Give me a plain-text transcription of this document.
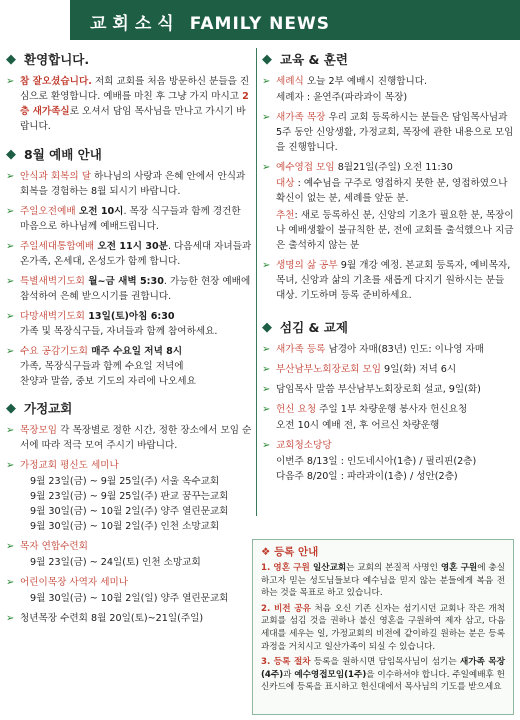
교회소식 FAMILY NEWS
◆ 환영합니다.
➢ 참 잘오셨습니다. 저희 교회를 처음 방문하신 분들을 진심으로 환영합니다. 예배를 마친 후 그냥 가지 마시고 2층 새가족실로 오셔서 담임 목사님을 만나고 가시기 바랍니다.
◆ 8월 예배 안내
➢ 안식과 회복의 달 하나님의 사랑과 은혜 안에서 안식과 회복을 경험하는 8월 되시기 바랍니다.
➢ 주일오전예배 오전 10시. 목장 식구들과 함께 경건한 마음으로 하나님께 예배드립니다.
➢ 주일세대통합예배 오전 11시 30분. 다음세대 자녀들과 온가족, 온세대, 온성도가 함께 합니다.
➢ 특별새벽기도회 월~금 새벽 5:30. 가능한 현장 예배에 참석하여 은혜 받으시기를 권합니다.
➢ 다망새벽기도회 13일(토)아침 6:30
가족 및 목장식구들, 자녀들과 함께 참여하세요.
➢ 수요 공감기도회 매주 수요일 저녁 8시
가족, 목장식구들과 함께 수요일 저녁에
찬양과 말씀, 중보 기도의 자리에 나오세요
◆ 가정교회
➢ 목장모임 각 목장별로 정한 시간, 정한 장소에서 모임 순서에 따라 적극 모여 주시기 바랍니다.
➢ 가정교회 평신도 세미나
9월 23일(금) ~ 9월 25일(주) 서울 옥수교회
9월 23일(금) ~ 9월 25일(주) 판교 꿈꾸는교회
9월 30일(금) ~ 10월 2일(주) 양주 열린문교회
9월 30일(금) ~ 10월 2일(주) 인천 소망교회
➢ 목자 연합수련회
9월 23일(금) ~ 24일(토) 인천 소망교회
➢ 어린이목장 사역자 세미나
9월 30일(금) ~ 10월 2일(일) 양주 열린문교회
➢ 청년목장 수련회 8월 20일(토)~21일(주일)
◆ 교육 & 훈련
➢ 세례식 오늘 2부 예배시 진행합니다.
세례자 : 윤연주(파라과이 목장)
➢ 새가족 목장 우리 교회 등록하시는 분들은 담임목사님과 5주 동안 신앙생활, 가정교회, 목장에 관한 내용으로 모임을 진행합니다.
➢ 예수영접 모임 8월21일(주일) 오전 11:30
대상 : 예수님을 구주로 영접하지 못한 분, 영접하였으나 확신이 없는 분, 세례를 앞둔 분.
추천: 새로 등록하신 분, 신앙의 기초가 필요한 분, 목장이나 예배생활이 불규칙한 분, 전에 교회를 출석했으나 지금은 출석하지 않는 분
➢ 생명의 삶 공부 9월 개강 예정. 본교회 등록자, 예비목자, 목녀, 신앙과 삶의 기초를 새롭게 다지기 원하시는 분들 대상. 기도하며 등록 준비하세요.
◆ 섬김 & 교제
➢ 새가족 등록 남경아 자매(83년) 인도: 이나영 자매
➢ 부산남부노회장로회 모임 9일(화) 저녁 6시
➢ 담임목사 말씀 부산남부노회장로회 설교, 9일(화)
➢ 헌신 요청 주일 1부 차량운행 봉사자 헌신요청
오전 10시 예배 전, 후 어르신 차량운행
➢ 교회청소당당
이번주 8/13일 : 인도네시아(1층) / 필리핀(2층)
다음주 8/20일 : 파라과이(1층) / 성안(2층)
❖ 등록 안내
1. 영혼 구원 일산교회는 교회의 본질적 사명인 영혼 구원에 충실하고자 믿는 성도님들보다 예수님을 믿지 않는 분들에게 복음 전하는 것을 목표로 하고 있습니다.
2. 비전 공유 처음 오신 기존 신자는 섬기시던 교회나 작은 개척교회를 섬김 것을 권하나 불신 영혼을 구원하여 제자 삼고, 다음 세대를 세우는 일, 가정교회의 비전에 같이하길 원하는 분은 등록 과정을 거치시고 일산가족이 되실 수 있습니다.
3. 등록 절차 등록을 원하시면 담임목사님이 섬기는 새가족 목장(4주)과 예수영접모임(1주)을 이수하셔야 합니다. 주일예배후 헌신카드에 등록을 표시하고 헌신대에서 목사님의 기도를 받으세요
